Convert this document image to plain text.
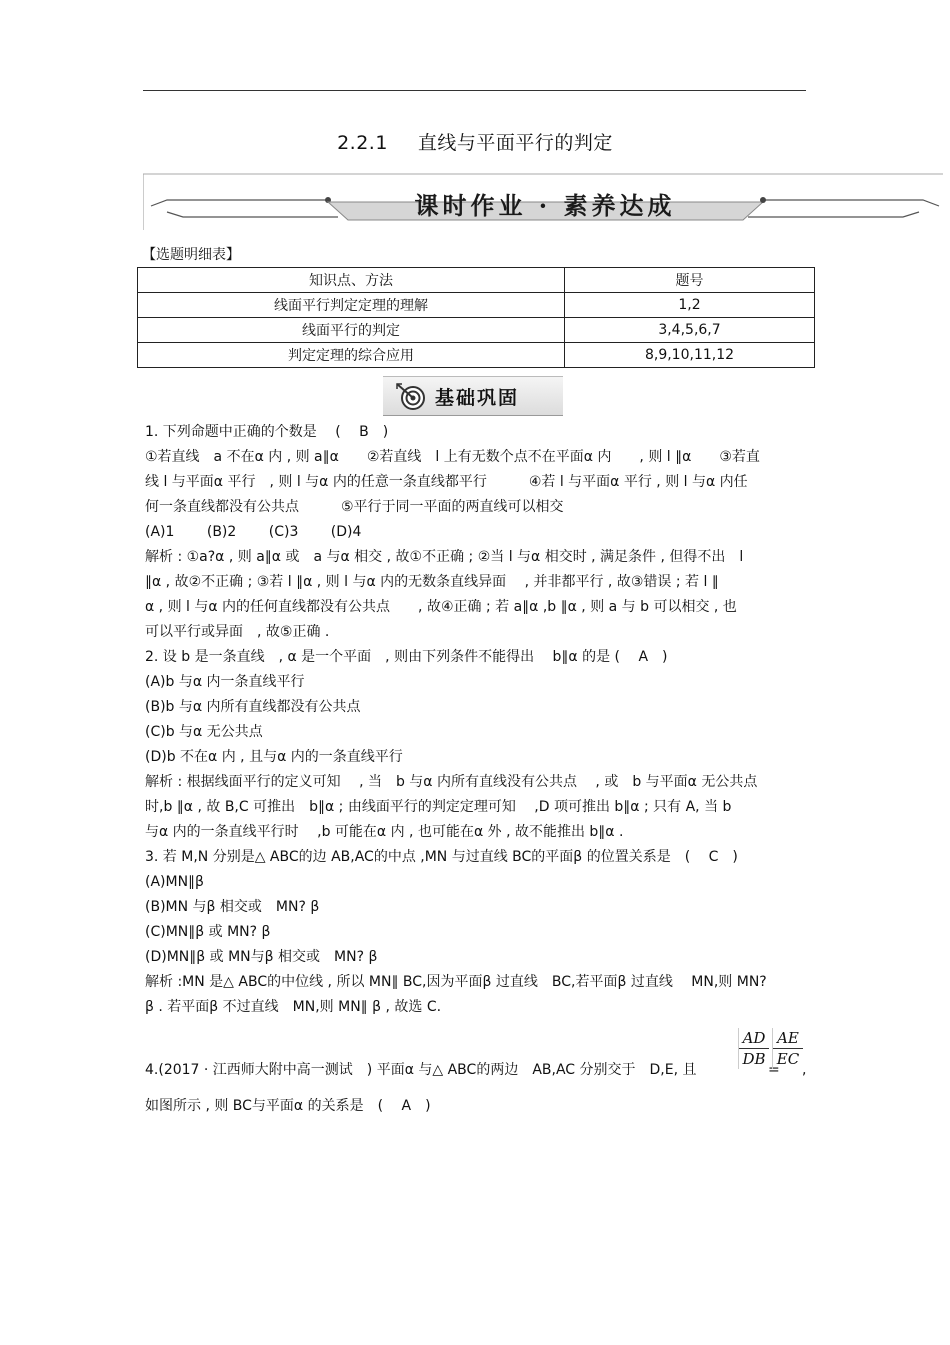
2.2.1 直线与平面平行的判定
课时作业 · 素养达成
【选题明细表】
知识点、方法	题号
线面平行判定定理的理解	1,2
线面平行的判定	3,4,5,6,7
判定定理的综合应用	8,9,10,11,12
基础巩固

1. 下列命题中正确的个数是　 (　 B　)

①若直线　a 不在α 内 , 则 a∥α　　②若直线　l 上有无数个点不在平面α 内　　, 则 l ∥α　　③若直

线 l 与平面α 平行　, 则 l 与α 内的任意一条直线都平行　　　④若 l 与平面α 平行 , 则 l 与α 内任

何一条直线都没有公共点　　　⑤平行于同一平面的两直线可以相交

(A)1　　 (B)2　　 (C)3　　 (D)4

解析 : ①a?α , 则 a∥α 或　a 与α 相交 , 故①不正确 ; ②当 l 与α 相交时 , 满足条件 , 但得不出　l

∥α , 故②不正确 ; ③若 l ∥α , 则 l 与α 内的无数条直线异面　 , 并非都平行 , 故③错误 ; 若 l ∥

α , 则 l 与α 内的任何直线都没有公共点　　, 故④正确 ; 若 a∥α ,b ∥α , 则 a 与 b 可以相交 , 也

可以平行或异面　, 故⑤正确 .

2. 设 b 是一条直线　, α 是一个平面　, 则由下列条件不能得出　 b∥α 的是 (　 A　)

(A)b 与α 内一条直线平行

(B)b 与α 内所有直线都没有公共点

(C)b 与α 无公共点

(D)b 不在α 内 , 且与α 内的一条直线平行

解析 : 根据线面平行的定义可知　 , 当　b 与α 内所有直线没有公共点　 , 或　b 与平面α 无公共点

时,b ∥α , 故 B,C 可推出　b∥α ; 由线面平行的判定定理可知　 ,D 项可推出 b∥α ; 只有 A, 当 b

与α 内的一条直线平行时　 ,b 可能在α 内 , 也可能在α 外 , 故不能推出 b∥α .

3. 若 M,N 分别是△ ABC的边 AB,AC的中点 ,MN 与过直线 BC的平面β 的位置关系是　(　 C　)

(A)MN∥β

(B)MN 与β 相交或　MN? β

(C)MN∥β 或 MN? β

(D)MN∥β 或 MN与β 相交或　MN? β

解析 :MN 是△ ABC的中位线 , 所以 MN∥ BC,因为平面β 过直线　BC,若平面β 过直线　 MN,则 MN?

β . 若平面β 不过直线　MN,则 MN∥ β , 故选 C.

4.(2017 · 江西师大附中高一测试　) 平面α 与△ ABC的两边　AB,AC 分别交于　D,E, 且

$\frac{AD}{DB}$
=
$\frac{AE}{EC}$
,

如图所示 , 则 BC与平面α 的关系是　(　 A　)
